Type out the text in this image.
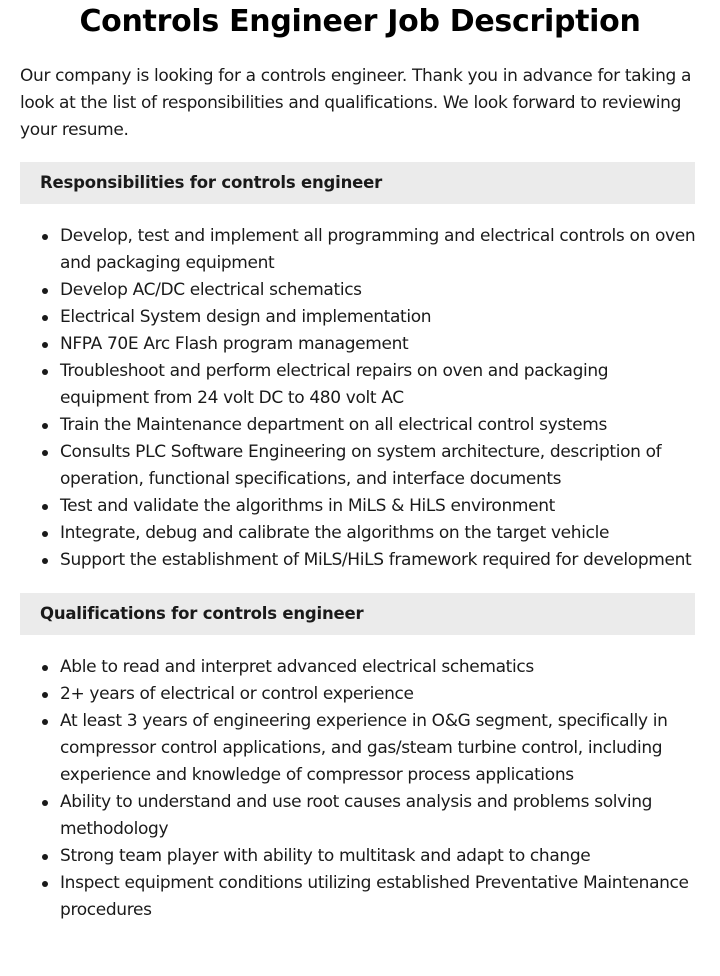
Controls Engineer Job Description

Our company is looking for a controls engineer. Thank you in advance for taking a look at the list of responsibilities and qualifications. We look forward to reviewing your resume.

Responsibilities for controls engineer
Develop, test and implement all programming and electrical controls on oven and packaging equipment
Develop AC/DC electrical schematics
Electrical System design and implementation
NFPA 70E Arc Flash program management
Troubleshoot and perform electrical repairs on oven and packaging equipment from 24 volt DC to 480 volt AC
Train the Maintenance department on all electrical control systems
Consults PLC Software Engineering on system architecture, description of operation, functional specifications, and interface documents
Test and validate the algorithms in MiLS & HiLS environment
Integrate, debug and calibrate the algorithms on the target vehicle
Support the establishment of MiLS/HiLS framework required for development
Qualifications for controls engineer
Able to read and interpret advanced electrical schematics
2+ years of electrical or control experience
At least 3 years of engineering experience in O&G segment, specifically in compressor control applications, and gas/steam turbine control, including experience and knowledge of compressor process applications
Ability to understand and use root causes analysis and problems solving methodology
Strong team player with ability to multitask and adapt to change
Inspect equipment conditions utilizing established Preventative Maintenance procedures
